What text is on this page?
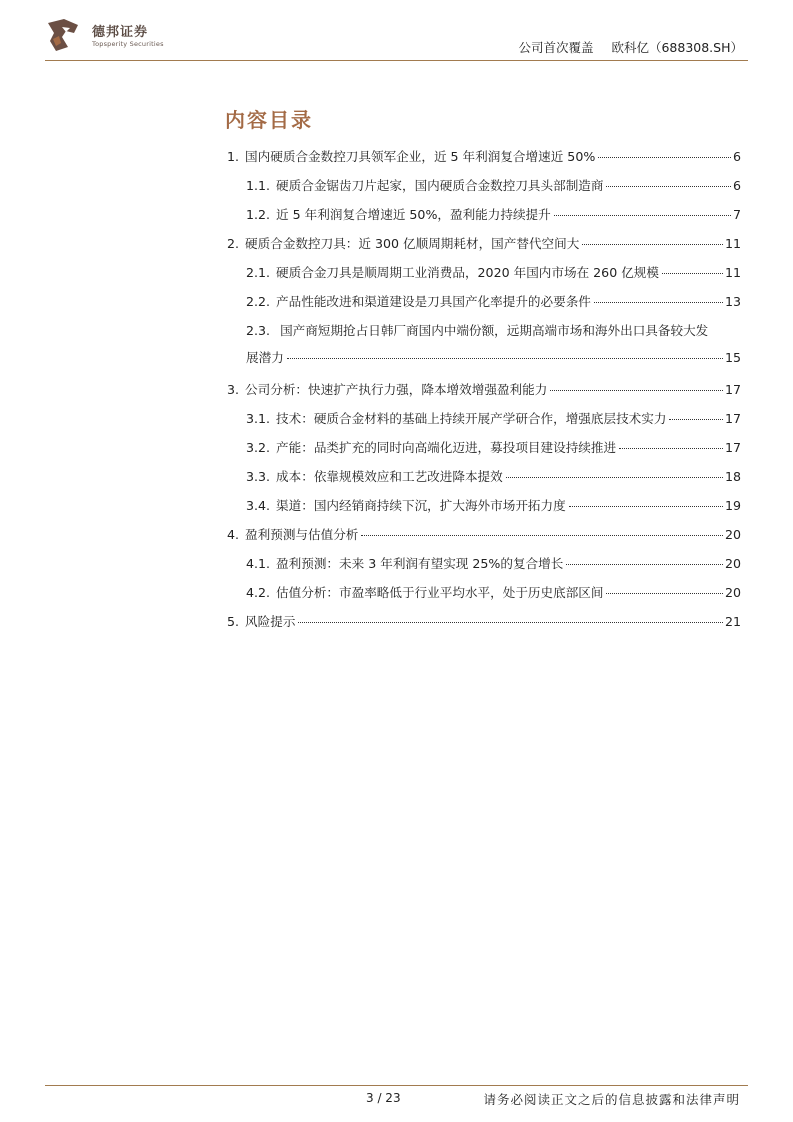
德邦证券
Topsperity Securities	公司首次覆盖 欧科亿（688308.SH）
内容目录
1. 国内硬质合金数控刀具领军企业，近 5 年利润复合增速近 50%	6
1.1. 硬质合金锯齿刀片起家，国内硬质合金数控刀具头部制造商	6
1.2. 近 5 年利润复合增速近 50%，盈利能力持续提升	7
2. 硬质合金数控刀具：近 300 亿顺周期耗材，国产替代空间大	11
2.1. 硬质合金刀具是顺周期工业消费品，2020 年国内市场在 260 亿规模	11
2.2. 产品性能改进和渠道建设是刀具国产化率提升的必要条件	13
2.3. 国产商短期抢占日韩厂商国内中端份额，远期高端市场和海外出口具备较大发
展潜力	15
3. 公司分析：快速扩产执行力强，降本增效增强盈利能力	17
3.1. 技术：硬质合金材料的基础上持续开展产学研合作，增强底层技术实力	17
3.2. 产能：品类扩充的同时向高端化迈进，募投项目建设持续推进	17
3.3. 成本：依靠规模效应和工艺改进降本提效	18
3.4. 渠道：国内经销商持续下沉，扩大海外市场开拓力度	19
4. 盈利预测与估值分析	20
4.1. 盈利预测：未来 3 年利润有望实现 25%的复合增长	20
4.2. 估值分析：市盈率略低于行业平均水平，处于历史底部区间	20
5. 风险提示	21
3 / 23	请务必阅读正文之后的信息披露和法律声明
